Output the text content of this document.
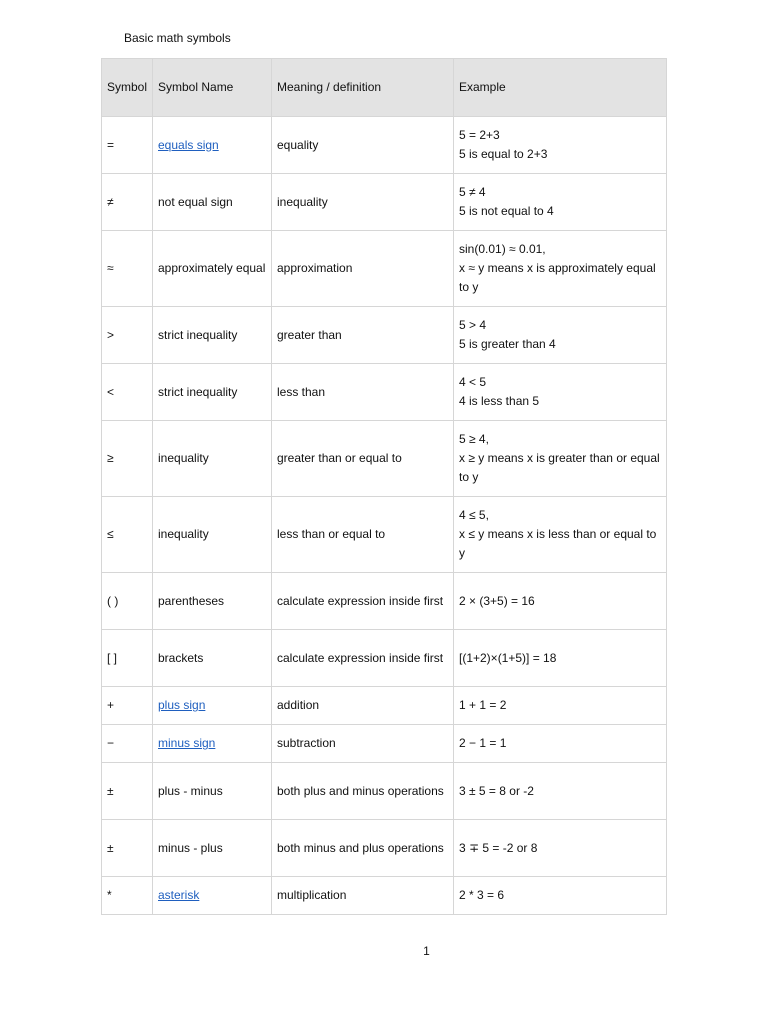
Basic math symbols
Symbol	Symbol Name	Meaning / definition	Example
=	equals sign	equality	5 = 2+3
5 is equal to 2+3

≠	not equal sign	inequality	5 ≠ 4
5 is not equal to 4

≈	approximately equal	approximation	sin(0.01) ≈ 0.01,
x ≈ y means x is approximately equal to y

>	strict inequality	greater than	5 > 4
5 is greater than 4

<	strict inequality	less than	4 < 5
4 is less than 5

≥	inequality	greater than or equal to	5 ≥ 4,
x ≥ y means x is greater than or equal to y

≤	inequality	less than or equal to	4 ≤ 5,
x ≤ y means x is less than or equal to y

( )	parentheses	calculate expression inside first	2 × (3+5) = 16

[ ]	brackets	calculate expression inside first	[(1+2)×(1+5)] = 18

+	plus sign	addition	1 + 1 = 2

−	minus sign	subtraction	2 − 1 = 1

±	plus - minus	both plus and minus operations	3 ± 5 = 8 or -2

±	minus - plus	both minus and plus operations	3 ∓ 5 = -2 or 8

*	asterisk	multiplication	2 * 3 = 6
1
